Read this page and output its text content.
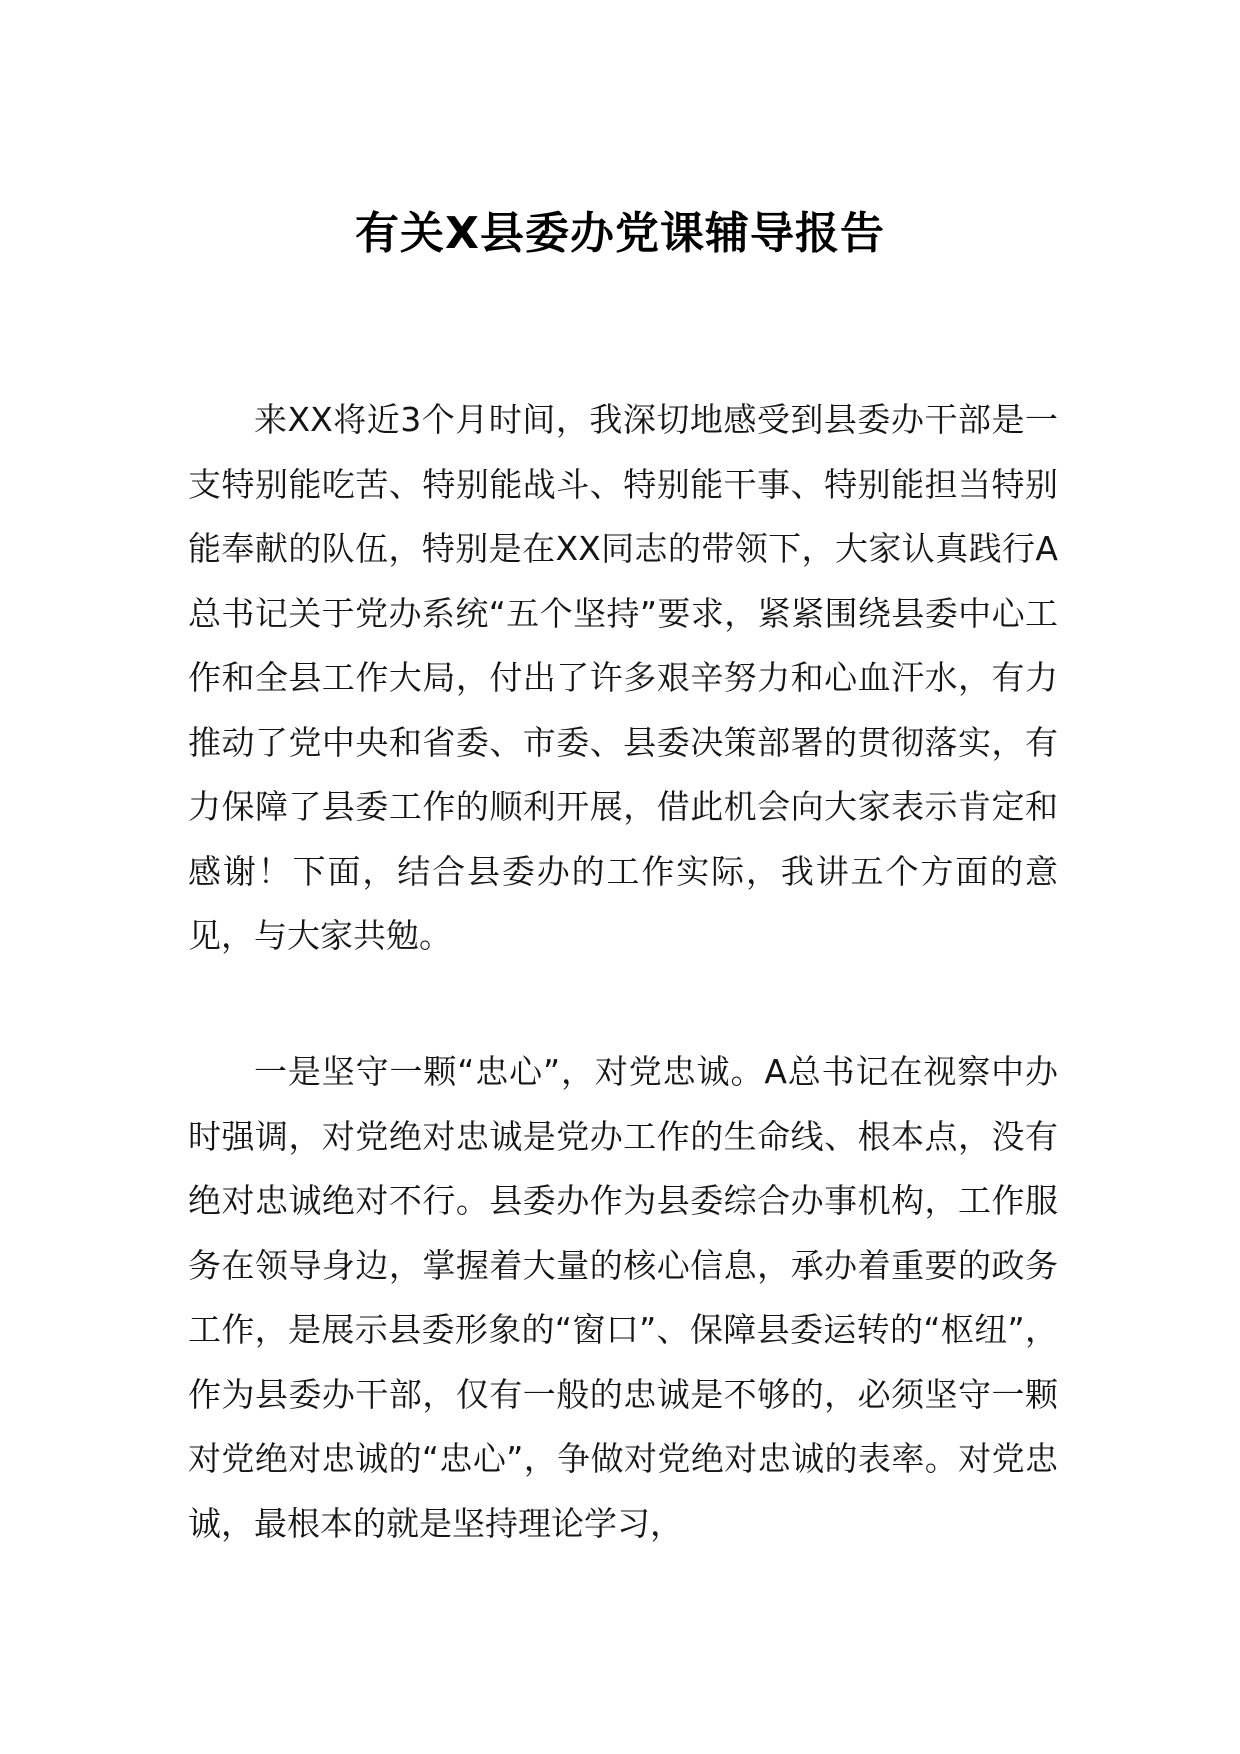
有关X县委办党课辅导报告

来XX将近3个月时间，我深切地感受到县委办干部是一支特别能吃苦、特别能战斗、特别能干事、特别能担当特别能奉献的队伍，特别是在XX同志的带领下，大家认真践行A总书记关于党办系统“五个坚持”要求，紧紧围绕县委中心工作和全县工作大局，付出了许多艰辛努力和心血汗水，有力推动了党中央和省委、市委、县委决策部署的贯彻落实，有力保障了县委工作的顺利开展，借此机会向大家表示肯定和感谢！下面，结合县委办的工作实际，我讲五个方面的意见，与大家共勉。

一是坚守一颗“忠心”，对党忠诚。A总书记在视察中办时强调，对党绝对忠诚是党办工作的生命线、根本点，没有绝对忠诚绝对不行。县委办作为县委综合办事机构，工作服务在领导身边，掌握着大量的核心信息，承办着重要的政务工作，是展示县委形象的“窗口”、保障县委运转的“枢纽”，作为县委办干部，仅有一般的忠诚是不够的，必须坚守一颗对党绝对忠诚的“忠心”，争做对党绝对忠诚的表率。对党忠诚，最根本的就是坚持理论学习，
